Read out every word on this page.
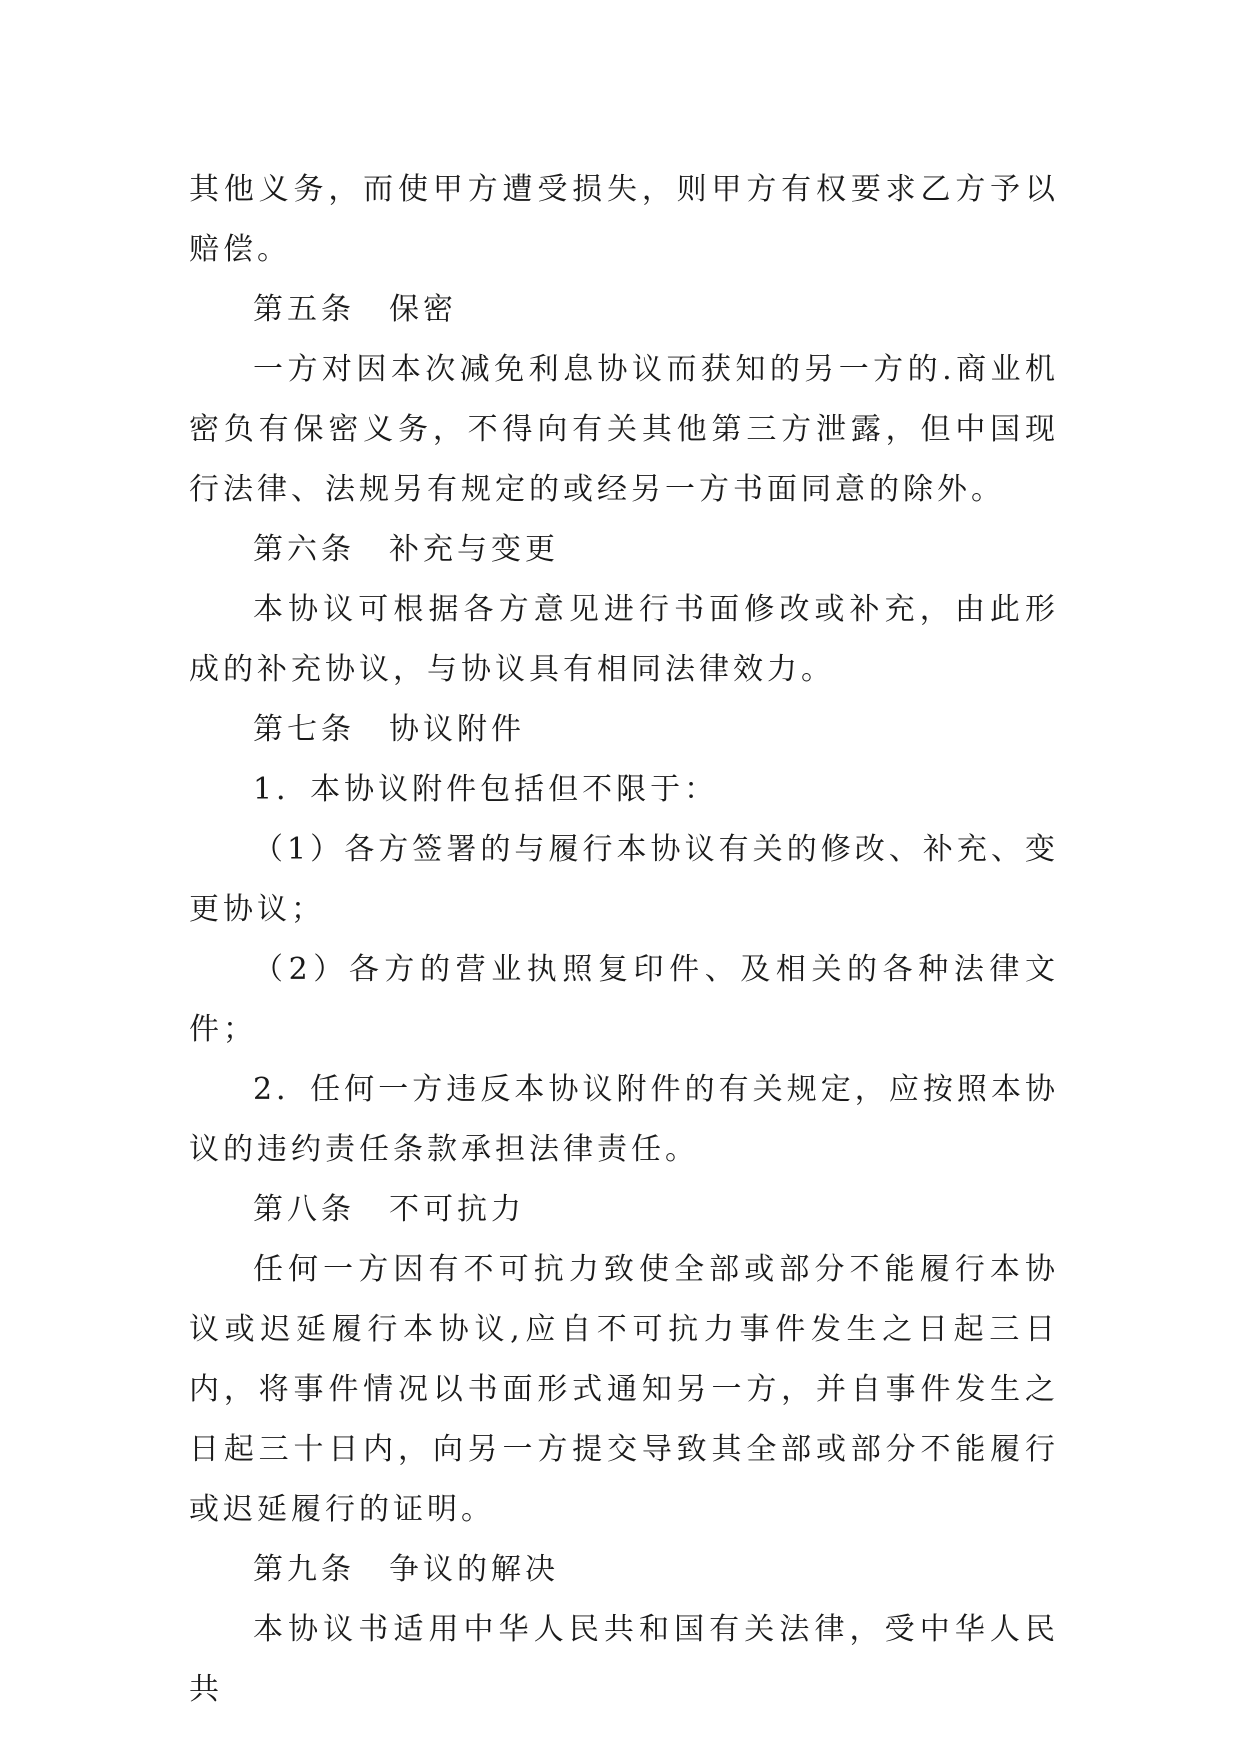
其他义务，而使甲方遭受损失，则甲方有权要求乙方予以赔偿。

第五条　保密

一方对因本次减免利息协议而获知的另一方的.商业机密负有保密义务，不得向有关其他第三方泄露，但中国现行法律、法规另有规定的或经另一方书面同意的除外。

第六条　补充与变更

本协议可根据各方意见进行书面修改或补充，由此形成的补充协议，与协议具有相同法律效力。

第七条　协议附件

1．本协议附件包括但不限于：

（1）各方签署的与履行本协议有关的修改、补充、变更协议；

（2）各方的营业执照复印件、及相关的各种法律文件；

2．任何一方违反本协议附件的有关规定，应按照本协议的违约责任条款承担法律责任。

第八条　不可抗力

任何一方因有不可抗力致使全部或部分不能履行本协议或迟延履行本协议,应自不可抗力事件发生之日起三日内，将事件情况以书面形式通知另一方，并自事件发生之日起三十日内，向另一方提交导致其全部或部分不能履行或迟延履行的证明。

第九条　争议的解决

本协议书适用中华人民共和国有关法律，受中华人民共
